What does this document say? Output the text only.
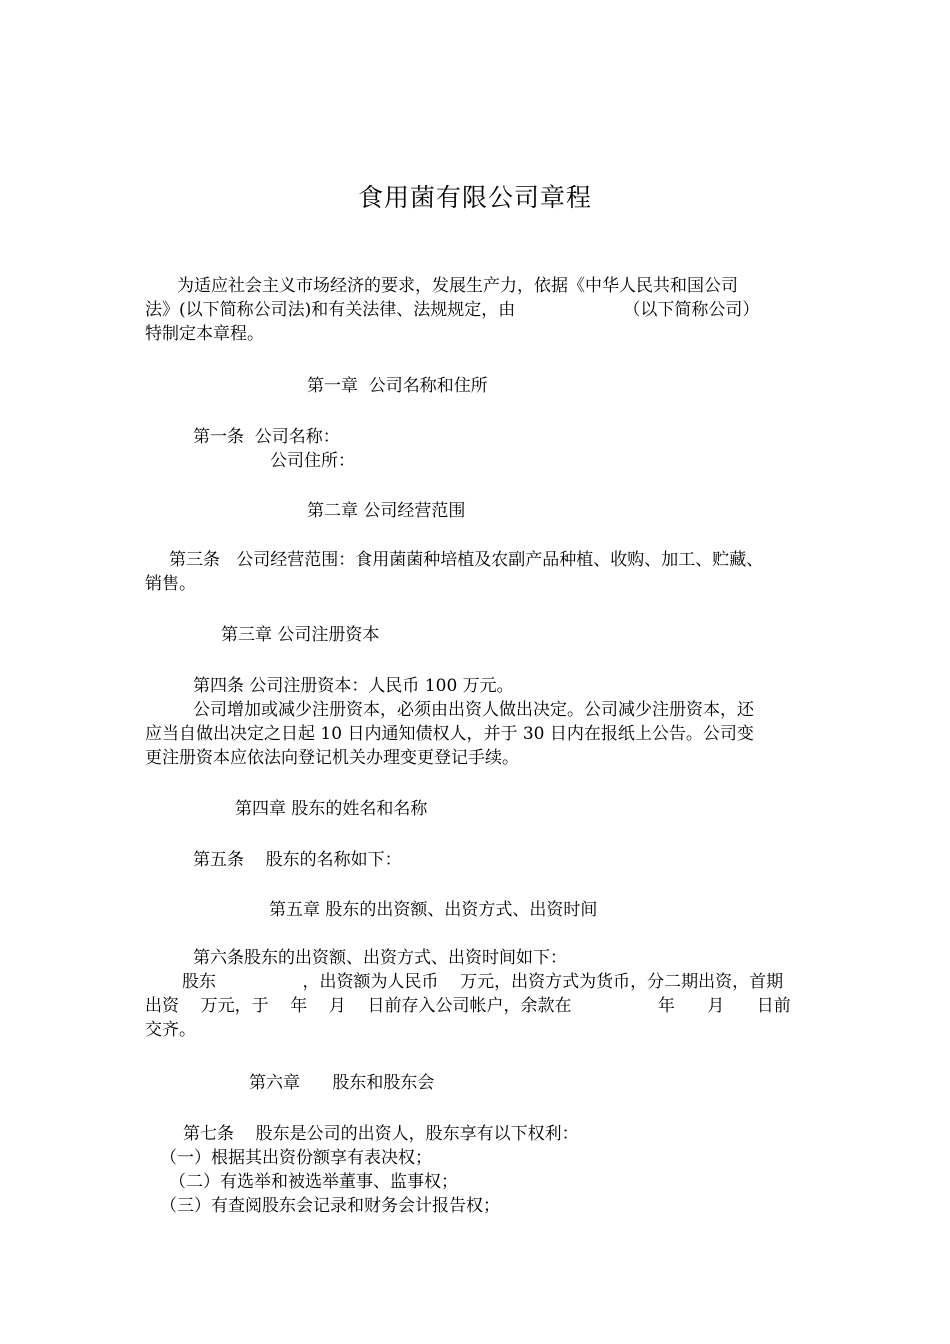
食用菌有限公司章程
为适应社会主义市场经济的要求，发展生产力，依据《中华人民共和国公司
法》(以下简称公司法)和有关法律、法规规定，由                    （以下简称公司）
特制定本章程。
第一章  公司名称和住所
第一条  公司名称：
公司住所：
第二章 公司经营范围
第三条   公司经营范围：食用菌菌种培植及农副产品种植、收购、加工、贮藏、
销售。
第三章 公司注册资本
第四条 公司注册资本：人民币 100 万元。
公司增加或减少注册资本，必须由出资人做出决定。公司减少注册资本，还
应当自做出决定之日起 10 日内通知债权人，并于 30 日内在报纸上公告。公司变
更注册资本应依法向登记机关办理变更登记手续。
第四章 股东的姓名和名称
第五条    股东的名称如下：
第五章 股东的出资额、出资方式、出资时间
第六条股东的出资额、出资方式、出资时间如下：
股东                ，出资额为人民币    万元，出资方式为货币，分二期出资，首期
出资    万元，于    年    月    日前存入公司帐户，余款在                年      月      日前
交齐。
第六章      股东和股东会
第七条    股东是公司的出资人，股东享有以下权利：
（一）根据其出资份额享有表决权；
（二）有选举和被选举董事、监事权；
（三）有查阅股东会记录和财务会计报告权；
